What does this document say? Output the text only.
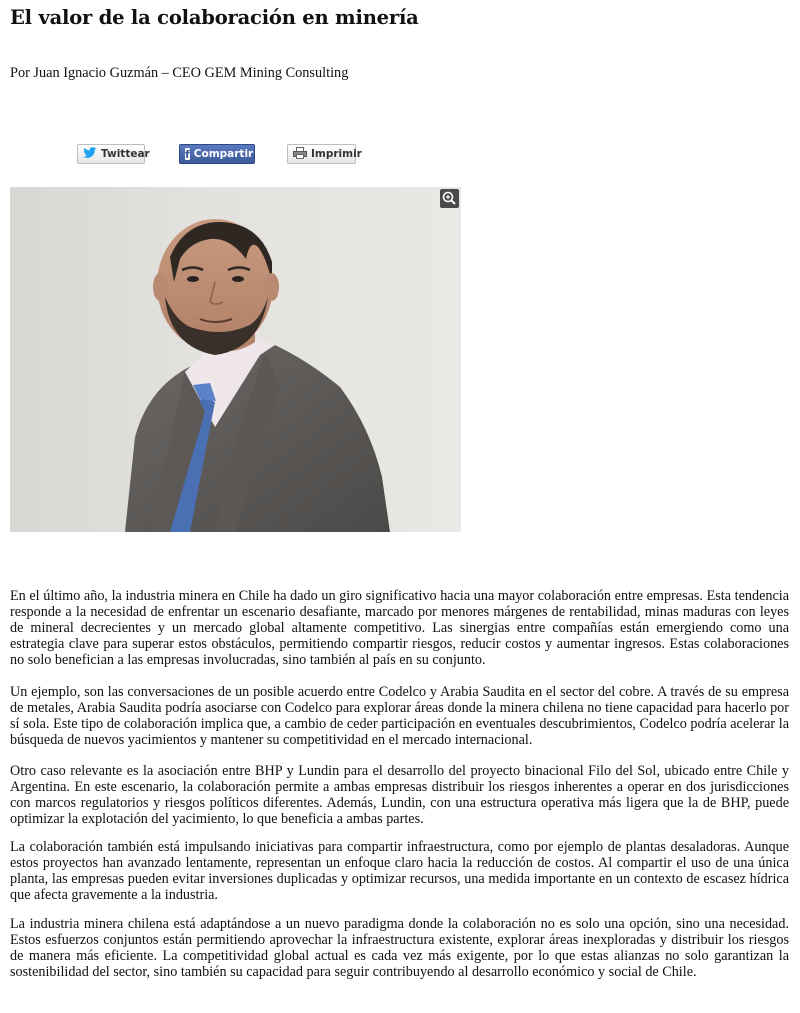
El valor de la colaboración en minería
Por Juan Ignacio Guzmán – CEO GEM Mining Consulting
Twittear	f Compartir	Imprimir

En el último año, la industria minera en Chile ha dado un giro significativo hacia una mayor colaboración entre empresas. Esta tendencia responde a la necesidad de enfrentar un escenario desafiante, marcado por menores márgenes de rentabilidad, minas maduras con leyes de mineral decrecientes y un mercado global altamente competitivo. Las sinergias entre compañías están emergiendo como una estrategia clave para superar estos obstáculos, permitiendo compartir riesgos, reducir costos y aumentar ingresos. Estas colaboraciones no solo benefician a las empresas involucradas, sino también al país en su conjunto.

Un ejemplo, son las conversaciones de un posible acuerdo entre Codelco y Arabia Saudita en el sector del cobre. A través de su empresa de metales, Arabia Saudita podría asociarse con Codelco para explorar áreas donde la minera chilena no tiene capacidad para hacerlo por sí sola. Este tipo de colaboración implica que, a cambio de ceder participación en eventuales descubrimientos, Codelco podría acelerar la búsqueda de nuevos yacimientos y mantener su competitividad en el mercado internacional.

Otro caso relevante es la asociación entre BHP y Lundin para el desarrollo del proyecto binacional Filo del Sol, ubicado entre Chile y Argentina. En este escenario, la colaboración permite a ambas empresas distribuir los riesgos inherentes a operar en dos jurisdicciones con marcos regulatorios y riesgos políticos diferentes. Además, Lundin, con una estructura operativa más ligera que la de BHP, puede optimizar la explotación del yacimiento, lo que beneficia a ambas partes.

La colaboración también está impulsando iniciativas para compartir infraestructura, como por ejemplo de plantas desaladoras. Aunque estos proyectos han avanzado lentamente, representan un enfoque claro hacia la reducción de costos. Al compartir el uso de una única planta, las empresas pueden evitar inversiones duplicadas y optimizar recursos, una medida importante en un contexto de escasez hídrica que afecta gravemente a la industria.

La industria minera chilena está adaptándose a un nuevo paradigma donde la colaboración no es solo una opción, sino una necesidad. Estos esfuerzos conjuntos están permitiendo aprovechar la infraestructura existente, explorar áreas inexploradas y distribuir los riesgos de manera más eficiente. La competitividad global actual es cada vez más exigente, por lo que estas alianzas no solo garantizan la sostenibilidad del sector, sino también su capacidad para seguir contribuyendo al desarrollo económico y social de Chile.
